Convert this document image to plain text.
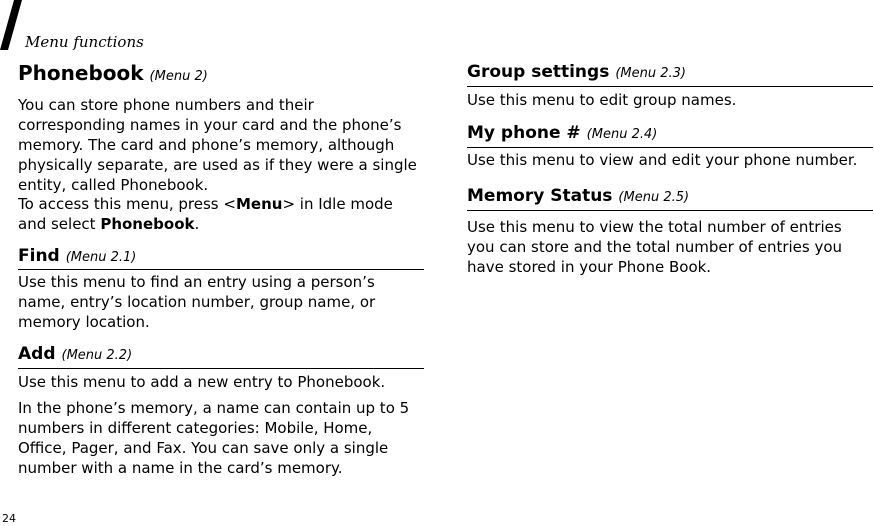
Menu functions
Phonebook (Menu 2)
You can store phone numbers and their corresponding names in your card and the phone’s memory. The card and phone’s memory, although physically separate, are used as if they were a single entity, called Phonebook.
To access this menu, press <Menu> in Idle mode and select Phonebook.
Find (Menu 2.1)
Use this menu to find an entry using a person’s name, entry’s location number, group name, or memory location.
Add (Menu 2.2)
Use this menu to add a new entry to Phonebook.
In the phone’s memory, a name can contain up to 5 numbers in different categories: Mobile, Home, Office, Pager, and Fax. You can save only a single number with a name in the card’s memory.
Group settings (Menu 2.3)
Use this menu to edit group names.
My phone # (Menu 2.4)
Use this menu to view and edit your phone number.
Memory Status (Menu 2.5)
Use this menu to view the total number of entries you can store and the total number of entries you have stored in your Phone Book.
24
